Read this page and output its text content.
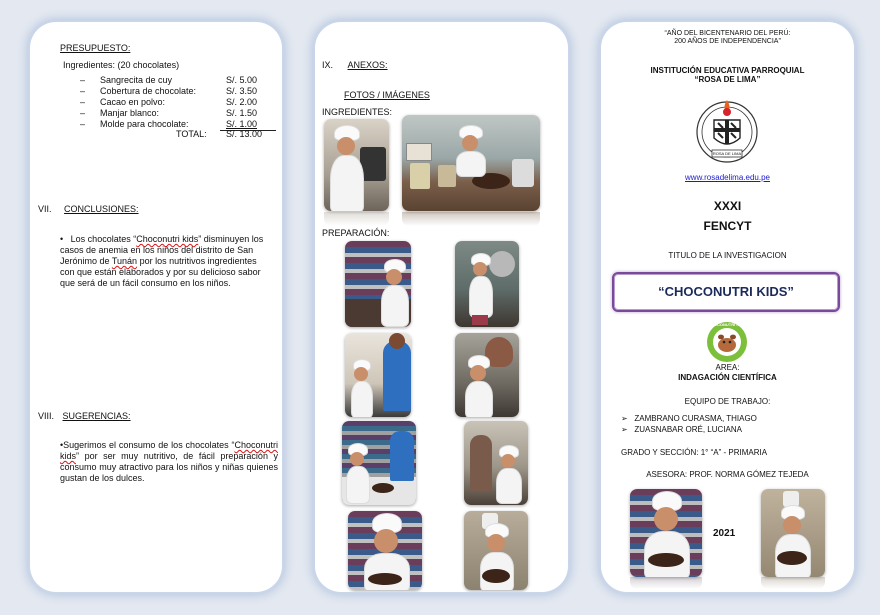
PRESUPUESTO:
Ingredientes: (20 chocolates)
– Sangrecita de cuy	S/. 5.00
– Cobertura de chocolate:	S/. 3.50
– Cacao en polvo:	S/. 2.00
– Manjar blanco:	S/. 1.50
– Molde para chocolate:	S/. 1.00
TOTAL: S/. 13.00
VII. CONCLUSIONES:
• Los chocolates “Choconutri kids” disminuyen los casos de anemia en los niños del distrito de San Jerónimo de Tunán por los nutritivos ingredientes con que están elaborados y por su delicioso sabor que será de un fácil consumo en los niños.
VIII. SUGERENCIAS:
•Sugerimos el consumo de los chocolates “Choconutri kids” por ser muy nutritivo, de fácil preparación y consumo muy atractivo para los niños y niñas quienes gustan de los dulces.
IX. ANEXOS:
FOTOS / IMÁGENES
INGREDIENTES:
PREPARACIÓN:
“AÑO DEL BICENTENARIO DEL PERÚ:
200 AÑOS DE INDEPENDENCIA”
INSTITUCIÓN EDUCATIVA PARROQUIAL
“ROSA DE LIMA”
ROSA DE LIMA
www.rosadelima.edu.pe
XXXI
FENCYT
TITULO DE LA INVESTIGACION
“CHOCONUTRI KIDS”
CHOCONUTRI KIDS
AREA:
INDAGACIÓN CIENTÍFICA
EQUIPO DE TRABAJO:
➢ ZAMBRANO CURASMA, THIAGO
➢ ZUASNABAR ORÉ, LUCIANA
GRADO Y SECCIÓN: 1° “A” - PRIMARIA
ASESORA: PROF. NORMA GÓMEZ TEJEDA
2021
